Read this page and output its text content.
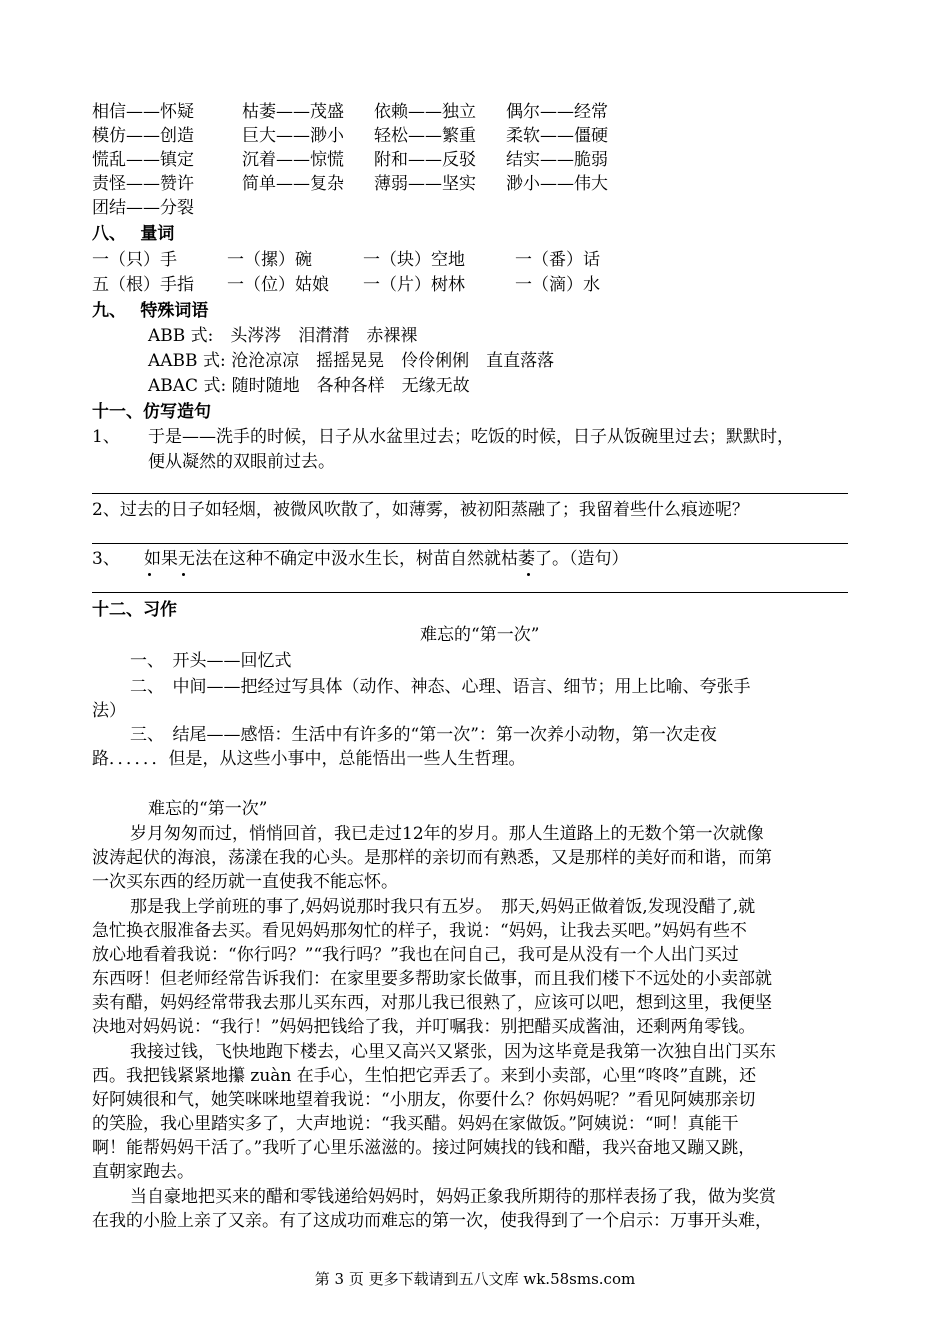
相信——怀疑	枯萎——茂盛 依赖——独立 偶尔——经常
模仿——创造	巨大——渺小 轻松——繁重 柔软——僵硬
慌乱——镇定	沉着——惊慌 附和——反驳 结实——脆弱
责怪——赞许	简单——复杂 薄弱——坚实 渺小——伟大
团结——分裂
八、　 量词
一（只）手	一（摞）碗	一（块）空地	一（番）话
五（根）手指 一（位）姑娘 一（片）树林	一（滴）水
九、　 特殊词语
ABB 式:　头涔涔　泪潸潸　赤裸裸
AABB 式: 沧沧凉凉　摇摇晃晃　伶伶俐俐　直直落落
ABAC 式: 随时随地　各种各样　无缘无故
十一、仿写造句
1、 于是——洗手的时候，日子从水盆里过去；吃饭的时候，日子从饭碗里过去；默默时，
便从凝然的双眼前过去。
2、过去的日子如轻烟，被微风吹散了，如薄雾，被初阳蒸融了；我留着些什么痕迹呢？
3、 如果无法在这种不确定中汲水生长，树苗自然就枯萎了。（造句）
十二、习作
难忘的“第一次”
一、　开头——回忆式
二、　中间——把经过写具体（动作、神态、心理、语言、细节；用上比喻、夸张手
法）
三、　结尾——感悟：生活中有许多的“第一次”：第一次养小动物，第一次走夜
路．．．．．．但是，从这些小事中，总能悟出一些人生哲理。
难忘的“第一次”
岁月匆匆而过，悄悄回首，我已走过12年的岁月。那人生道路上的无数个第一次就像
波涛起伏的海浪，荡漾在我的心头。是那样的亲切而有熟悉，又是那样的美好而和谐，而第
一次买东西的经历就一直使我不能忘怀。
那是我上学前班的事了,妈妈说那时我只有五岁。　那天,妈妈正做着饭,发现没醋了,就
急忙换衣服准备去买。看见妈妈那匆忙的样子，我说：“妈妈，让我去买吧。”妈妈有些不
放心地看着我说：“你行吗？”“我行吗？”我也在问自己，我可是从没有一个人出门买过
东西呀！但老师经常告诉我们：在家里要多帮助家长做事，而且我们楼下不远处的小卖部就
卖有醋，妈妈经常带我去那儿买东西，对那儿我已很熟了，应该可以吧，想到这里，我便坚
决地对妈妈说：“我行！”妈妈把钱给了我，并叮嘱我：别把醋买成酱油，还剩两角零钱。
我接过钱，飞快地跑下楼去，心里又高兴又紧张，因为这毕竟是我第一次独自出门买东
西。我把钱紧紧地攥 zuàn 在手心，生怕把它弄丢了。来到小卖部，心里“咚咚”直跳，还
好阿姨很和气，她笑咪咪地望着我说：“小朋友，你要什么？你妈妈呢？”看见阿姨那亲切
的笑脸，我心里踏实多了，大声地说：“我买醋。妈妈在家做饭。”阿姨说：“呵！真能干
啊！能帮妈妈干活了。”我听了心里乐滋滋的。接过阿姨找的钱和醋，我兴奋地又蹦又跳，
直朝家跑去。
当自豪地把买来的醋和零钱递给妈妈时，妈妈正象我所期待的那样表扬了我，做为奖赏
在我的小脸上亲了又亲。有了这成功而难忘的第一次，使我得到了一个启示：万事开头难，
第 3 页 更多下载请到五八文库 wk.58sms.com
